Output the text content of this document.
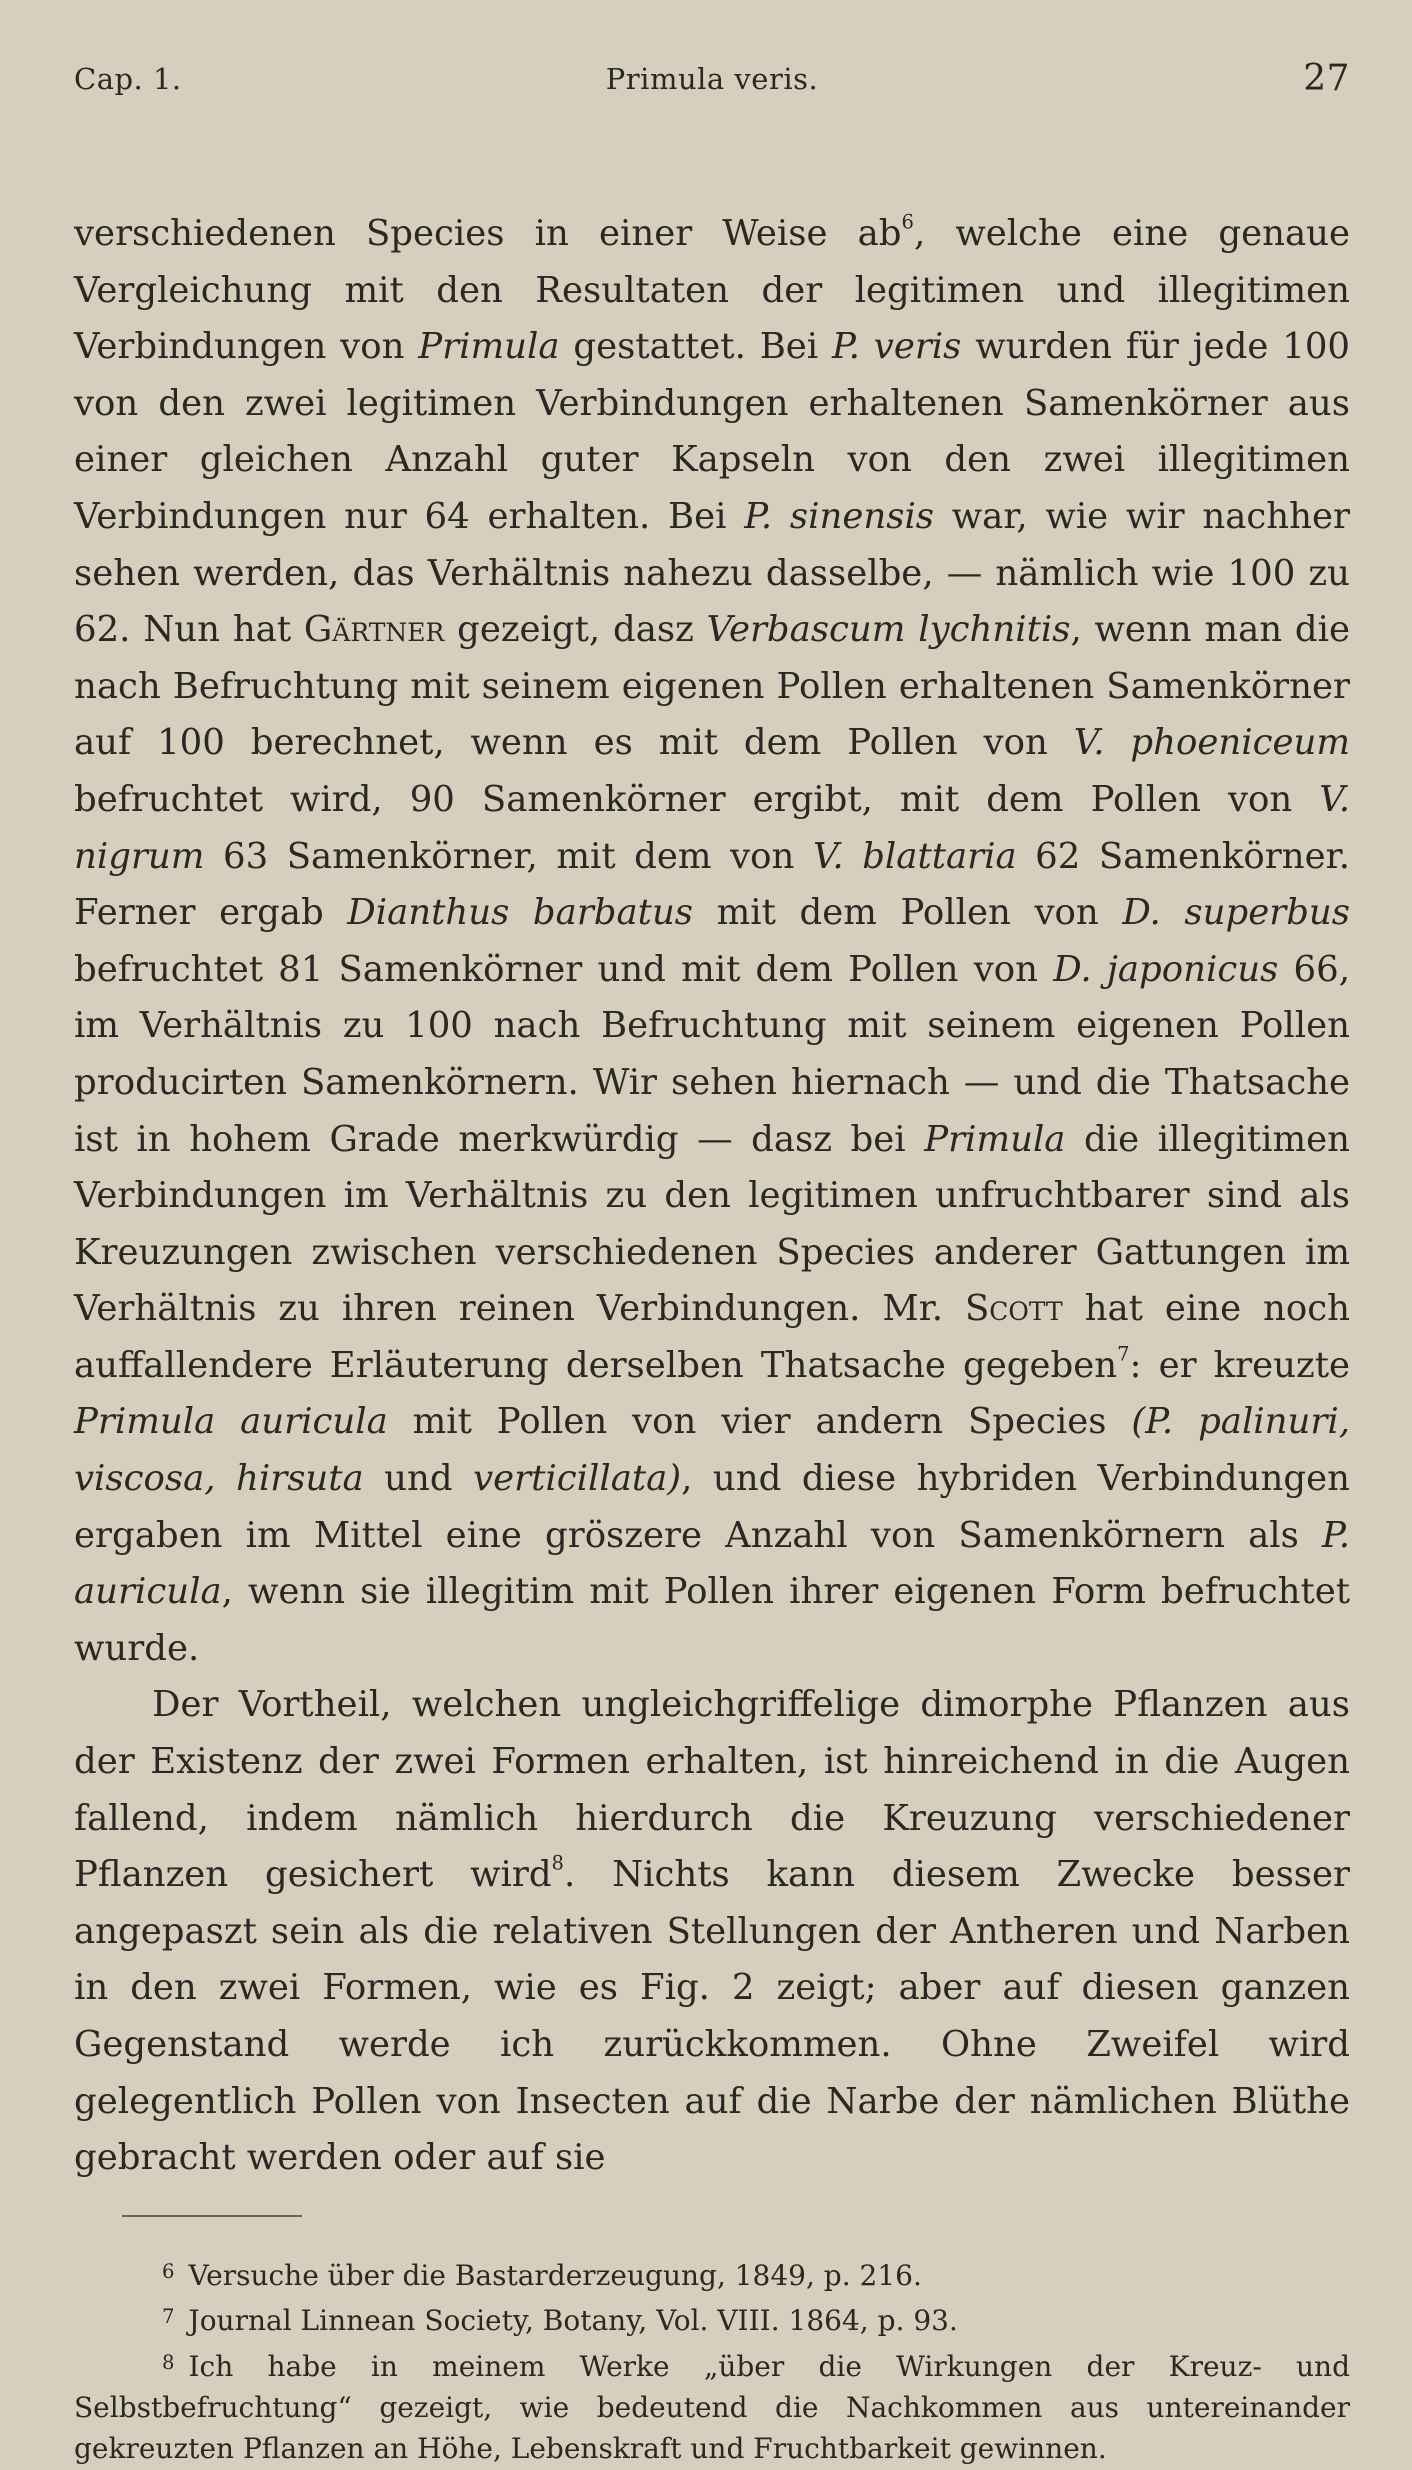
Cap. 1.	Primula veris.	27

verschiedenen Species in einer Weise $ab^6$, welche eine genaue Vergleichung mit den Resultaten der legitimen und illegitimen Verbindungen von Primula gestattet. Bei P. veris wurden für jede 100 von den zwei legitimen Verbindungen erhaltenen Samenkörner aus einer gleichen Anzahl guter Kapseln von den zwei illegitimen Verbindungen nur 64 erhalten. Bei P. sinensis war, wie wir nachher sehen werden, das Verhältnis nahezu dasselbe, — nämlich wie 100 zu 62. Nun hat Gärtner gezeigt, dasz Verbascum lychnitis, wenn man die nach Befruchtung mit seinem eigenen Pollen erhaltenen Samenkörner auf 100 berechnet, wenn es mit dem Pollen von V. phoeniceum befruchtet wird, 90 Samenkörner ergibt, mit dem Pollen von V. nigrum 63 Samenkörner, mit dem von V. blattaria 62 Samenkörner. Ferner ergab Dianthus barbatus mit dem Pollen von D. superbus befruchtet 81 Samenkörner und mit dem Pollen von D. japonicus 66, im Verhältnis zu 100 nach Befruchtung mit seinem eigenen Pollen producirten Samenkörnern. Wir sehen hiernach — und die Thatsache ist in hohem Grade merkwürdig — dasz bei Primula die illegitimen Verbindungen im Verhältnis zu den legitimen unfruchtbarer sind als Kreuzungen zwischen verschiedenen Species anderer Gattungen im Verhältnis zu ihren reinen Verbindungen. Mr. Scott hat eine noch auffallendere Erläuterung derselben Thatsache gegeben$^7$: er kreuzte Primula auricula mit Pollen von vier andern Species (P. palinuri, viscosa, hirsuta und verticillata), und diese hybriden Verbindungen ergaben im Mittel eine gröszere Anzahl von Samenkörnern als P. auricula, wenn sie illegitim mit Pollen ihrer eigenen Form befruchtet wurde.

Der Vortheil, welchen ungleichgriffelige dimorphe Pflanzen aus der Existenz der zwei Formen erhalten, ist hinreichend in die Augen fallend, indem nämlich hierdurch die Kreuzung verschiedener Pflanzen gesichert wird$^8$. Nichts kann diesem Zwecke besser angepaszt sein als die relativen Stellungen der Antheren und Narben in den zwei Formen, wie es Fig. 2 zeigt; aber auf diesen ganzen Gegenstand werde ich zurückkommen. Ohne Zweifel wird gelegentlich Pollen von Insecten auf die Narbe der nämlichen Blüthe gebracht werden oder auf sie

$^6$ Versuche über die Bastarderzeugung, 1849, p. 216.

$^7$ Journal Linnean Society, Botany, Vol. VIII. 1864, p. 93.

$^8$ Ich habe in meinem Werke „über die Wirkungen der Kreuz- und Selbstbefruchtung“ gezeigt, wie bedeutend die Nachkommen aus untereinander gekreuzten Pflanzen an Höhe, Lebenskraft und Fruchtbarkeit gewinnen.
